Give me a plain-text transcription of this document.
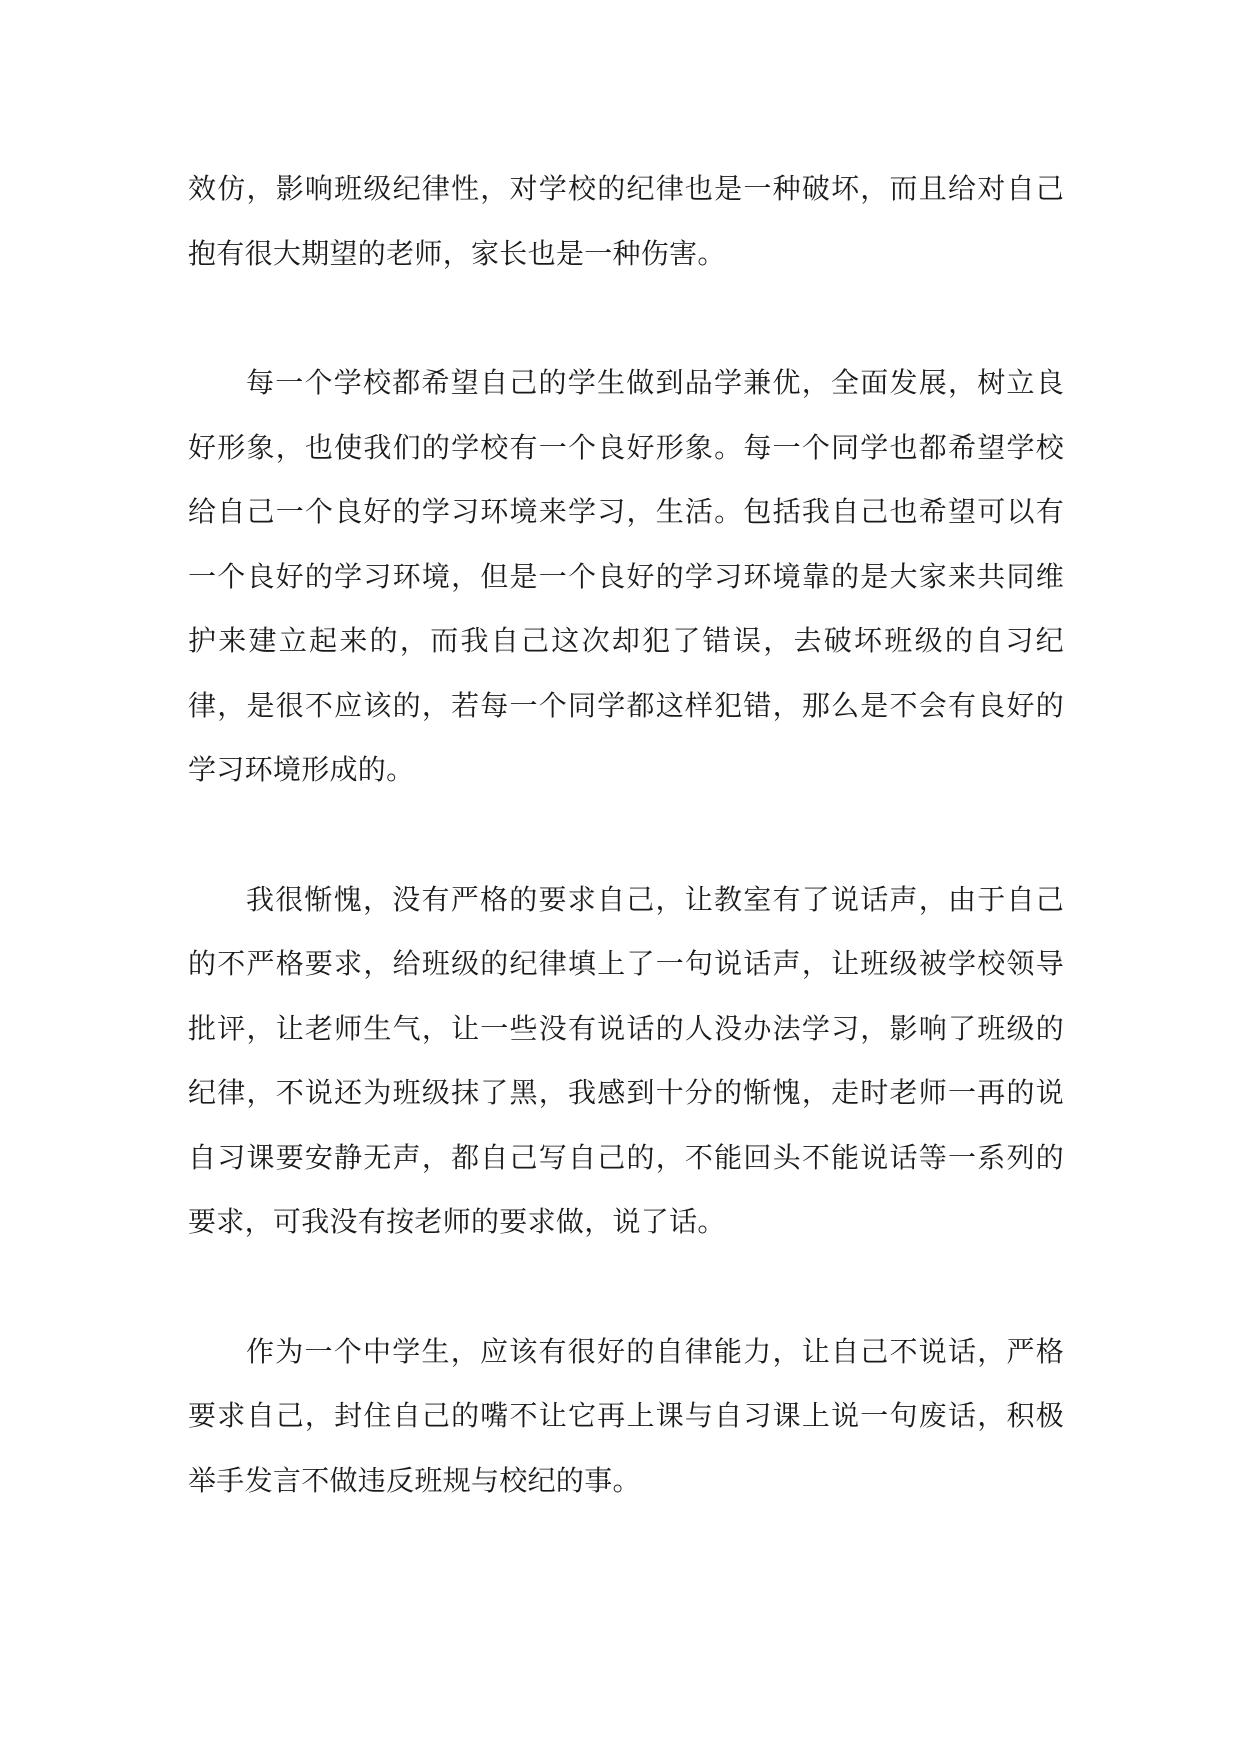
效仿，影响班级纪律性，对学校的纪律也是一种破坏，而且给对自己抱有很大期望的老师，家长也是一种伤害。

每一个学校都希望自己的学生做到品学兼优，全面发展，树立良好形象，也使我们的学校有一个良好形象。每一个同学也都希望学校给自己一个良好的学习环境来学习，生活。包括我自己也希望可以有一个良好的学习环境，但是一个良好的学习环境靠的是大家来共同维护来建立起来的，而我自己这次却犯了错误，去破坏班级的自习纪律，是很不应该的，若每一个同学都这样犯错，那么是不会有良好的学习环境形成的。

我很惭愧，没有严格的要求自己，让教室有了说话声，由于自己的不严格要求，给班级的纪律填上了一句说话声，让班级被学校领导批评，让老师生气，让一些没有说话的人没办法学习，影响了班级的纪律，不说还为班级抹了黑，我感到十分的惭愧，走时老师一再的说自习课要安静无声，都自己写自己的，不能回头不能说话等一系列的要求，可我没有按老师的要求做，说了话。

作为一个中学生，应该有很好的自律能力，让自己不说话，严格要求自己，封住自己的嘴不让它再上课与自习课上说一句废话，积极举手发言不做违反班规与校纪的事。
